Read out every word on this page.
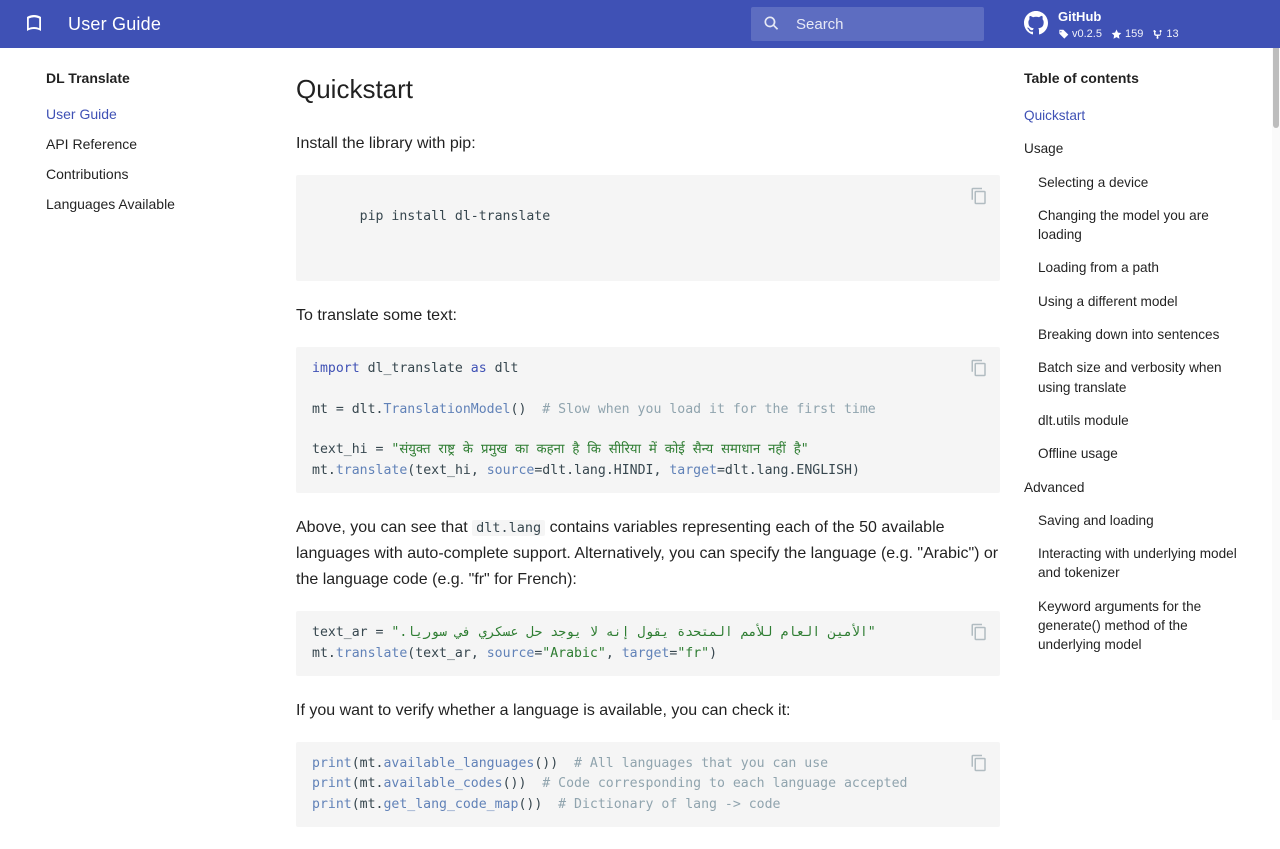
User Guide
Search	GitHub
v0.2.5 159 13
DL Translate
User Guide
API Reference
Contributions
Languages Available
Quickstart

Install the library with pip:

pip install dl-translate

To translate some text:

import dl_translate as dlt

mt = dlt.TranslationModel()  # Slow when you load it for the first time

text_hi = "संयुक्त राष्ट्र के प्रमुख का कहना है कि सीरिया में कोई सैन्य समाधान नहीं है"
mt.translate(text_hi, source=dlt.lang.HINDI, target=dlt.lang.ENGLISH)

Above, you can see that dlt.lang contains variables representing each of the 50 available languages with auto-complete support. Alternatively, you can specify the language (e.g. "Arabic") or the language code (e.g. "fr" for French):

text_ar = "الأمين العام للأمم المتحدة يقول إنه لا يوجد حل عسكري في سوريا."
mt.translate(text_ar, source="Arabic", target="fr")

If you want to verify whether a language is available, you can check it:

print(mt.available_languages())  # All languages that you can use
print(mt.available_codes())  # Code corresponding to each language accepted
print(mt.get_lang_code_map())  # Dictionary of lang -> code
Table of contents
Quickstart
Usage
Selecting a device
Changing the model you are loading
Loading from a path
Using a different model
Breaking down into sentences
Batch size and verbosity when using translate
dlt.utils module
Offline usage
Advanced
Saving and loading
Interacting with underlying model and tokenizer
Keyword arguments for the generate() method of the underlying model
